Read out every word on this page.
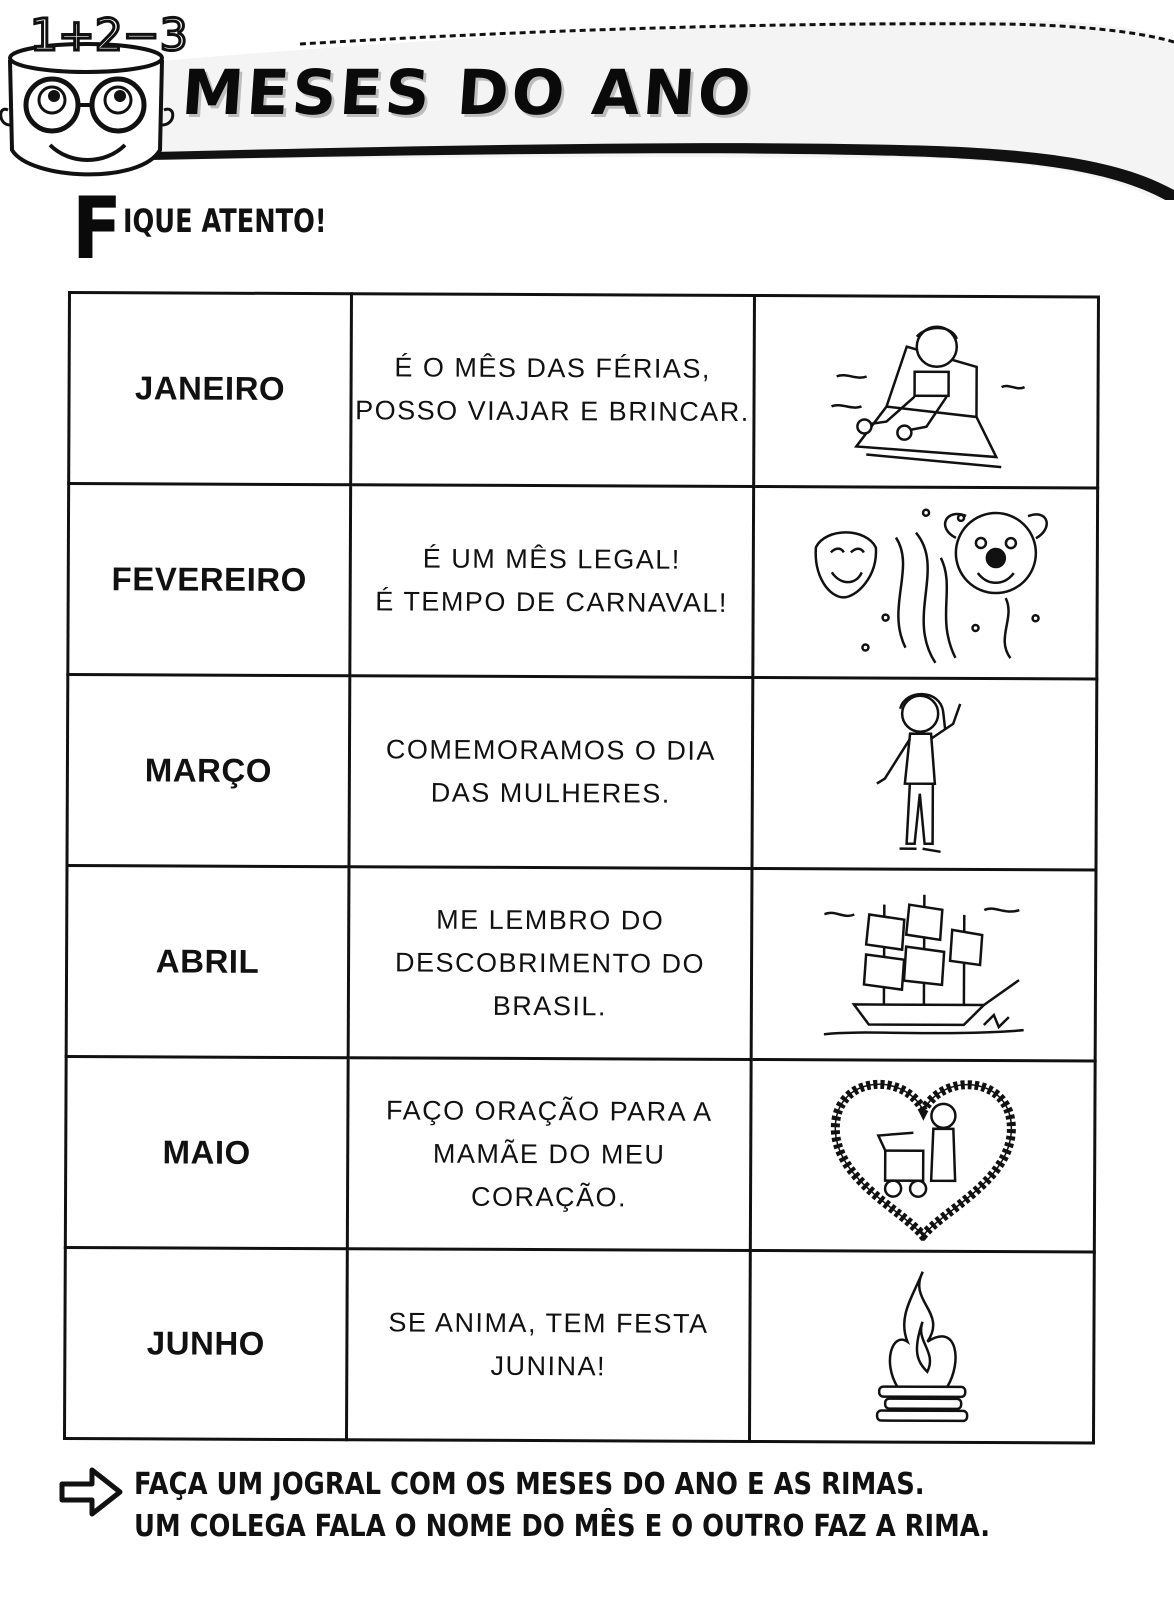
1+2−3
MESES DO ANO
F IQUE ATENTO!
JANEIRO	É O MÊS DAS FÉRIAS,
POSSO VIAJAR E BRINCAR.

FEVEREIRO	É UM MÊS LEGAL!
É TEMPO DE CARNAVAL!

MARÇO	COMEMORAMOS O DIA
DAS MULHERES.

ABRIL	ME LEMBRO DO
DESCOBRIMENTO DO
BRASIL.

MAIO	FAÇO ORAÇÃO PARA A
MAMÃE DO MEU
CORAÇÃO.

JUNHO	SE ANIMA, TEM FESTA
JUNINA!

FAÇA UM JOGRAL COM OS MESES DO ANO E AS RIMAS.
UM COLEGA FALA O NOME DO MÊS E O OUTRO FAZ A RIMA.
